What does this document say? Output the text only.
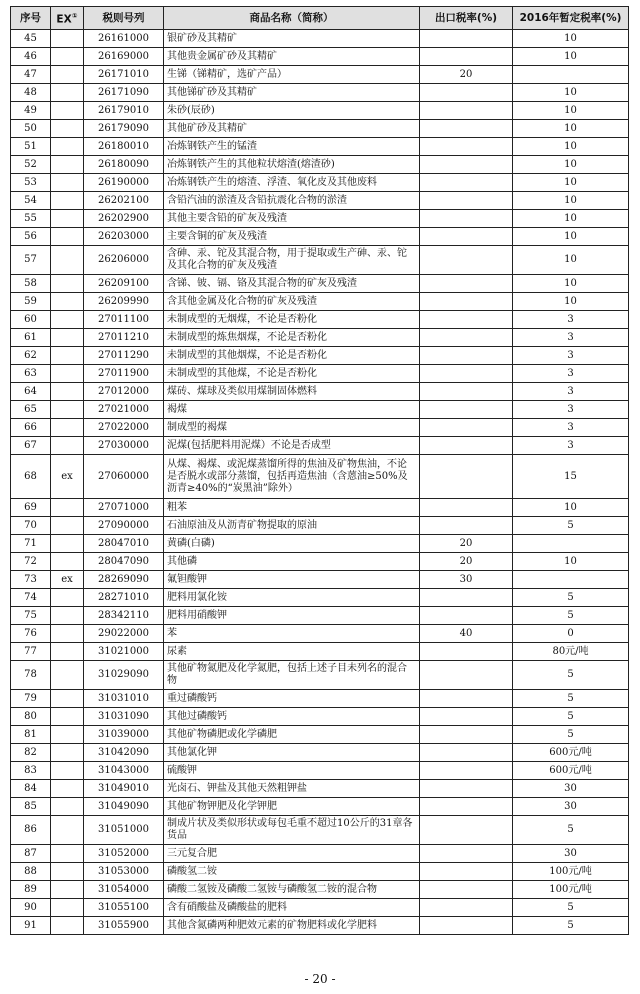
序号	EX①	税则号列	商品名称（简称）	出口税率(%)	2016年暂定税率(%)
45		26161000	银矿砂及其精矿		10
46		26169000	其他贵金属矿砂及其精矿		10
47		26171010	生锑（锑精矿，选矿产品）	20	
48		26171090	其他锑矿砂及其精矿		10
49		26179010	朱砂(辰砂)		10
50		26179090	其他矿砂及其精矿		10
51		26180010	冶炼钢铁产生的锰渣		10
52		26180090	冶炼钢铁产生的其他粒状熔渣(熔渣砂)		10
53		26190000	冶炼钢铁产生的熔渣、浮渣、氧化皮及其他废料		10
54		26202100	含铅汽油的淤渣及含铅抗震化合物的淤渣		10
55		26202900	其他主要含铅的矿灰及残渣		10
56		26203000	主要含铜的矿灰及残渣		10
57		26206000	含砷、汞、铊及其混合物，用于提取或生产砷、汞、铊及其化合物的矿灰及残渣		10
58		26209100	含锑、铍、镉、铬及其混合物的矿灰及残渣		10
59		26209990	含其他金属及化合物的矿灰及残渣		10
60		27011100	未制成型的无烟煤，不论是否粉化		3
61		27011210	未制成型的炼焦烟煤，不论是否粉化		3
62		27011290	未制成型的其他烟煤，不论是否粉化		3
63		27011900	未制成型的其他煤，不论是否粉化		3
64		27012000	煤砖、煤球及类似用煤制固体燃料		3
65		27021000	褐煤		3
66		27022000	制成型的褐煤		3
67		27030000	泥煤(包括肥料用泥煤）不论是否成型		3
68	ex	27060000	从煤、褐煤、或泥煤蒸馏所得的焦油及矿物焦油，不论是否脱水或部分蒸馏，包括再造焦油（含蒽油≥50%及沥青≥40%的“炭黑油”除外）		15
69		27071000	粗苯		10
70		27090000	石油原油及从沥青矿物提取的原油		5
71		28047010	黄磷(白磷)	20	
72		28047090	其他磷	20	10
73	ex	28269090	氟钽酸钾	30	
74		28271010	肥料用氯化铵		5
75		28342110	肥料用硝酸钾		5
76		29022000	苯	40	0
77		31021000	尿素		80元/吨
78		31029090	其他矿物氮肥及化学氮肥，包括上述子目未列名的混合物		5
79		31031010	重过磷酸钙		5
80		31031090	其他过磷酸钙		5
81		31039000	其他矿物磷肥或化学磷肥		5
82		31042090	其他氯化钾		600元/吨
83		31043000	硫酸钾		600元/吨
84		31049010	光卤石、钾盐及其他天然粗钾盐		30
85		31049090	其他矿物钾肥及化学钾肥		30
86		31051000	制成片状及类似形状或每包毛重不超过10公斤的31章各货品		5
87		31052000	三元复合肥		30
88		31053000	磷酸氢二铵		100元/吨
89		31054000	磷酸二氢铵及磷酸二氢铵与磷酸氢二铵的混合物		100元/吨
90		31055100	含有硝酸盐及磷酸盐的肥料		5
91		31055900	其他含氮磷两种肥效元素的矿物肥料或化学肥料		5
- 20 -
